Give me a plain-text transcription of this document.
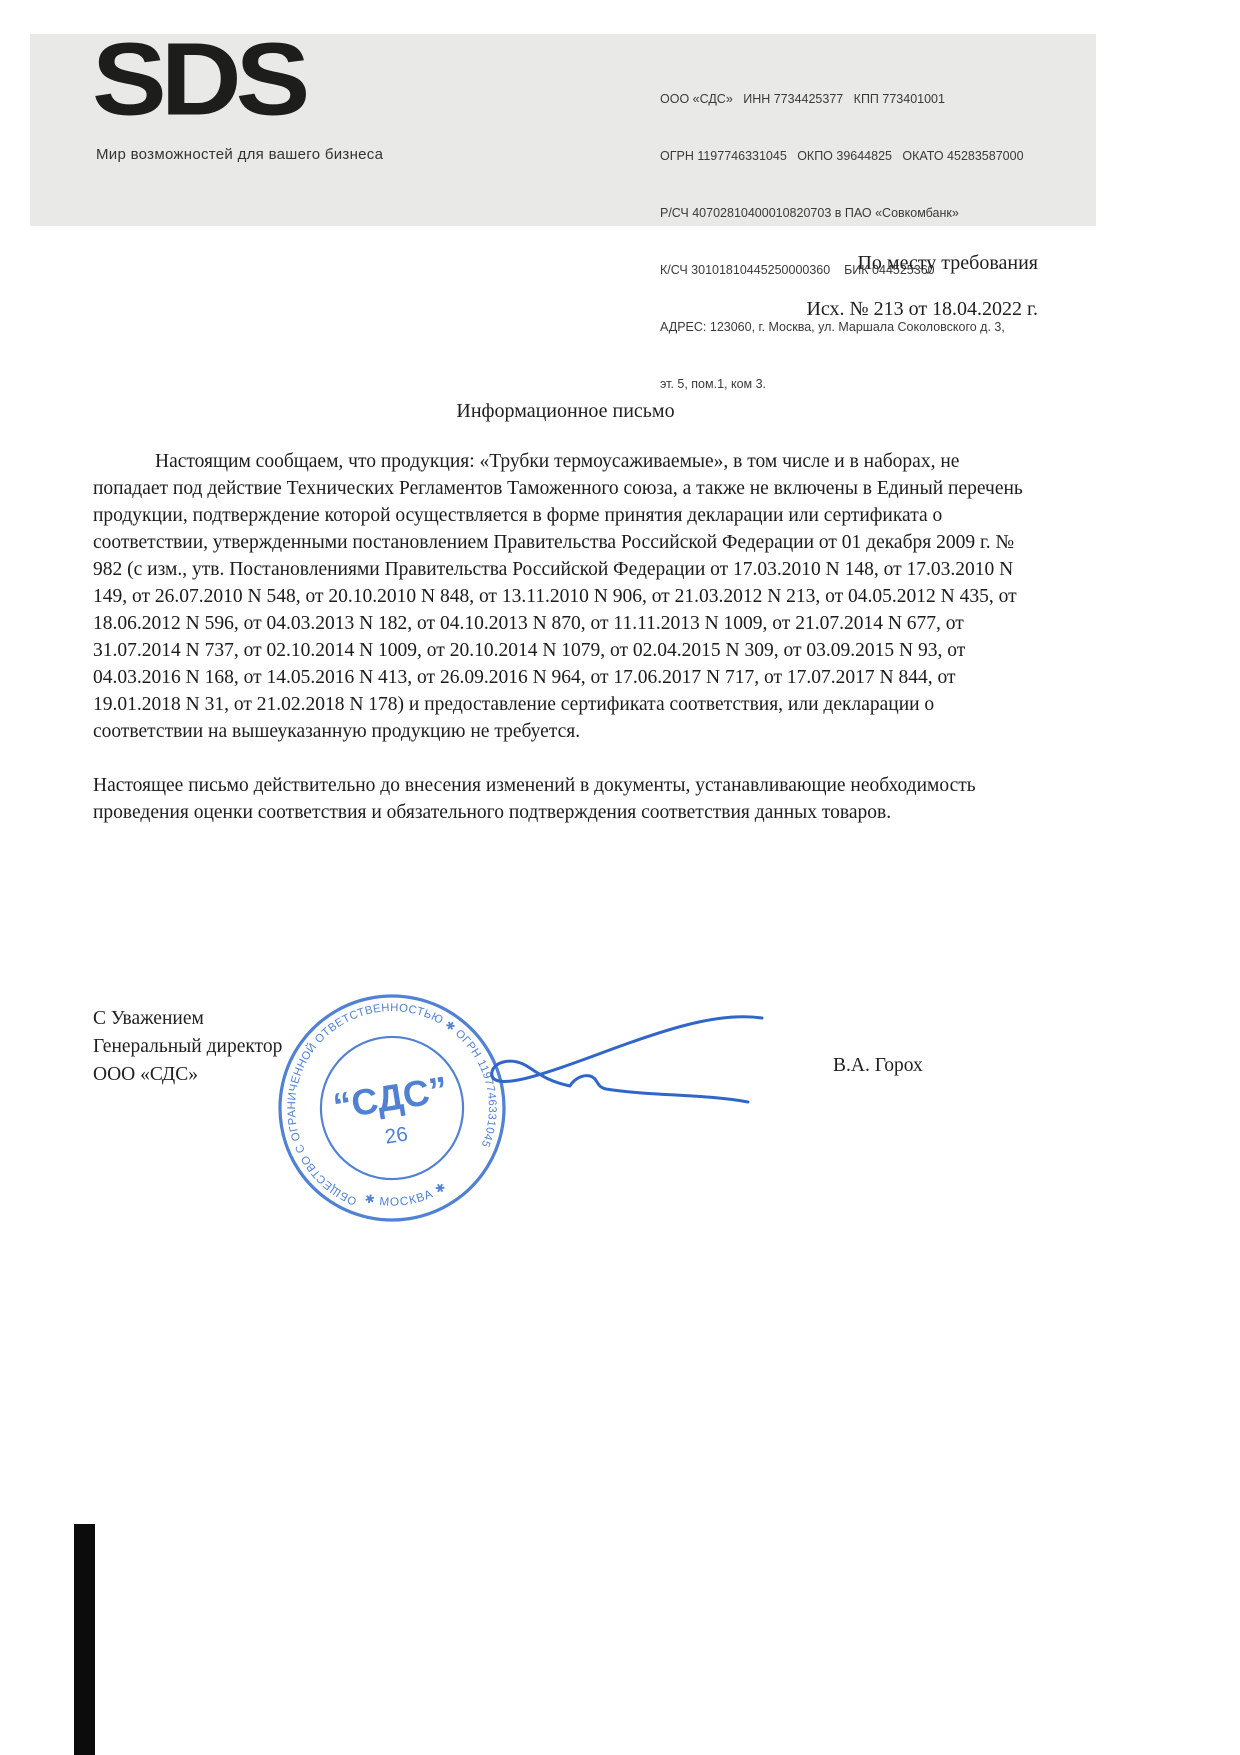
SDS
Мир возможностей для вашего бизнеса

ООО «СДС»   ИНН 7734425377   КПП 773401001

ОГРН 1197746331045   ОКПО 39644825   ОКАТО 45283587000

Р/СЧ 40702810400010820703 в ПАО «Совкомбанк»

К/СЧ 30101810445250000360    БИК 044525360

АДРЕС: 123060, г. Москва, ул. Маршала Соколовского д. 3,

эт. 5, пом.1, ком 3.

По месту требования
Исх. № 213 от 18.04.2022 г.
Информационное письмо

Настоящим сообщаем, что продукция: «Трубки термоусаживаемые», в том числе и в наборах, не попадает под действие Технических Регламентов Таможенного союза, а также не включены в Единый перечень продукции, подтверждение которой осуществляется в форме принятия декларации или сертификата о соответствии, утвержденными постановлением Правительства Российской Федерации от 01 декабря 2009 г. № 982 (с изм., утв. Постановлениями Правительства Российской Федерации от 17.03.2010 N 148, от 17.03.2010 N 149, от 26.07.2010 N 548, от 20.10.2010 N 848, от 13.11.2010 N 906, от 21.03.2012 N 213, от 04.05.2012 N 435, от 18.06.2012 N 596, от 04.03.2013 N 182, от 04.10.2013 N 870, от 11.11.2013 N 1009, от 21.07.2014 N 677, от 31.07.2014 N 737, от 02.10.2014 N 1009, от 20.10.2014 N 1079, от 02.04.2015 N 309, от 03.09.2015 N 93, от 04.03.2016 N 168, от 14.05.2016 N 413, от 26.09.2016 N 964, от 17.06.2017 N 717, от 17.07.2017 N 844, от 19.01.2018 N 31, от 21.02.2018 N 178) и предоставление сертификата соответствия, или декларации о соответствии на вышеуказанную продукцию не требуется.

Настоящее письмо действительно до внесения изменений в документы, устанавливающие необходимость проведения оценки соответствия и обязательного подтверждения соответствия данных товаров.

С Уважением
Генеральный директор
ООО «СДС»	В.А. Горох
ОБЩЕСТВО С ОГРАНИЧЕННОЙ ОТВЕТСТВЕННОСТЬЮ ✱ ОГРН 1197746331045
✱ МОСКВА ✱
“СДС”
26
